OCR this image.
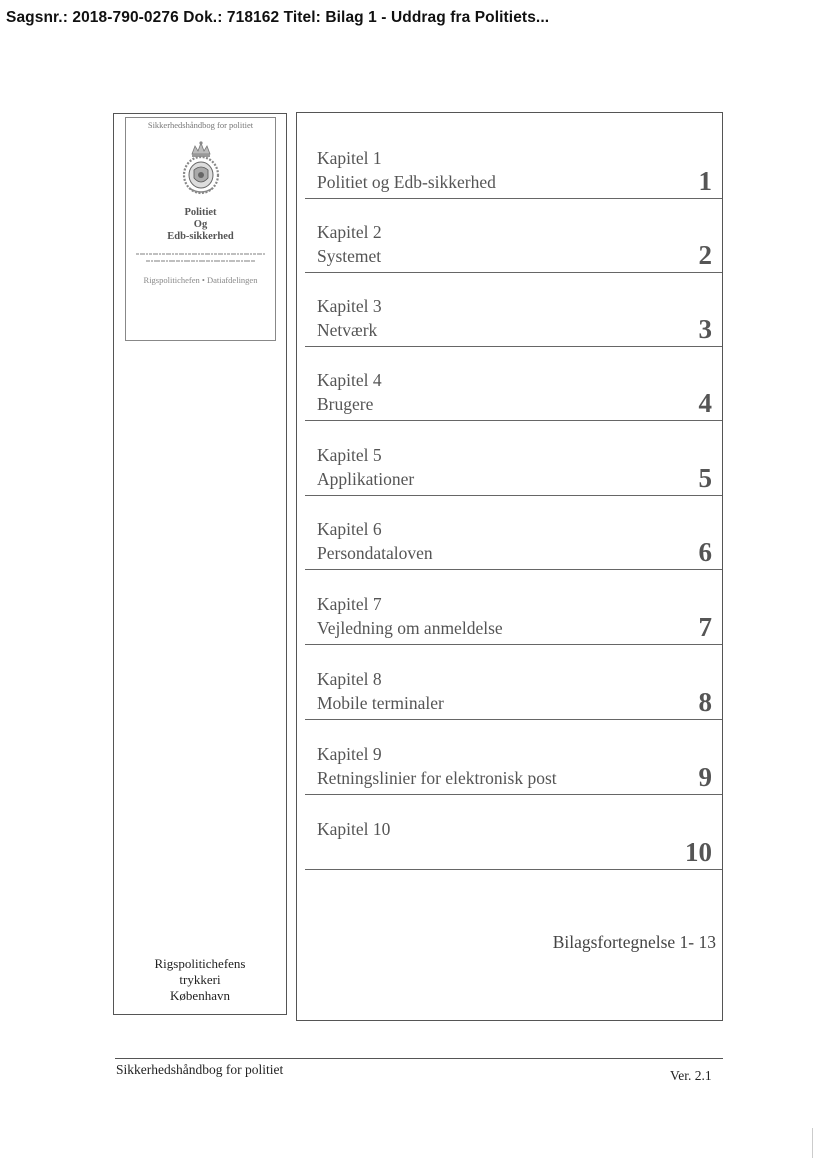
Sagsnr.: 2018-790-0276 Dok.: 718162 Titel: Bilag 1 - Uddrag fra Politiets...
Sikkerhedshåndbog for politiet
Politiet
Og
Edb-sikkerhed
Rigspolitichefen • Datiafdelingen
Rigspolitichefens
trykkeri
København
Kapitel 1
Politiet og Edb-sikkerhed	1
Kapitel 2
Systemet	2
Kapitel 3
Netværk	3
Kapitel 4
Brugere	4
Kapitel 5
Applikationer	5
Kapitel 6
Persondataloven	6
Kapitel 7
Vejledning om anmeldelse	7
Kapitel 8
Mobile terminaler	8
Kapitel 9
Retningslinier for elektronisk post	9
Kapitel 10
10
Bilagsfortegnelse 1- 13
Sikkerhedshåndbog for politiet	Ver. 2.1
